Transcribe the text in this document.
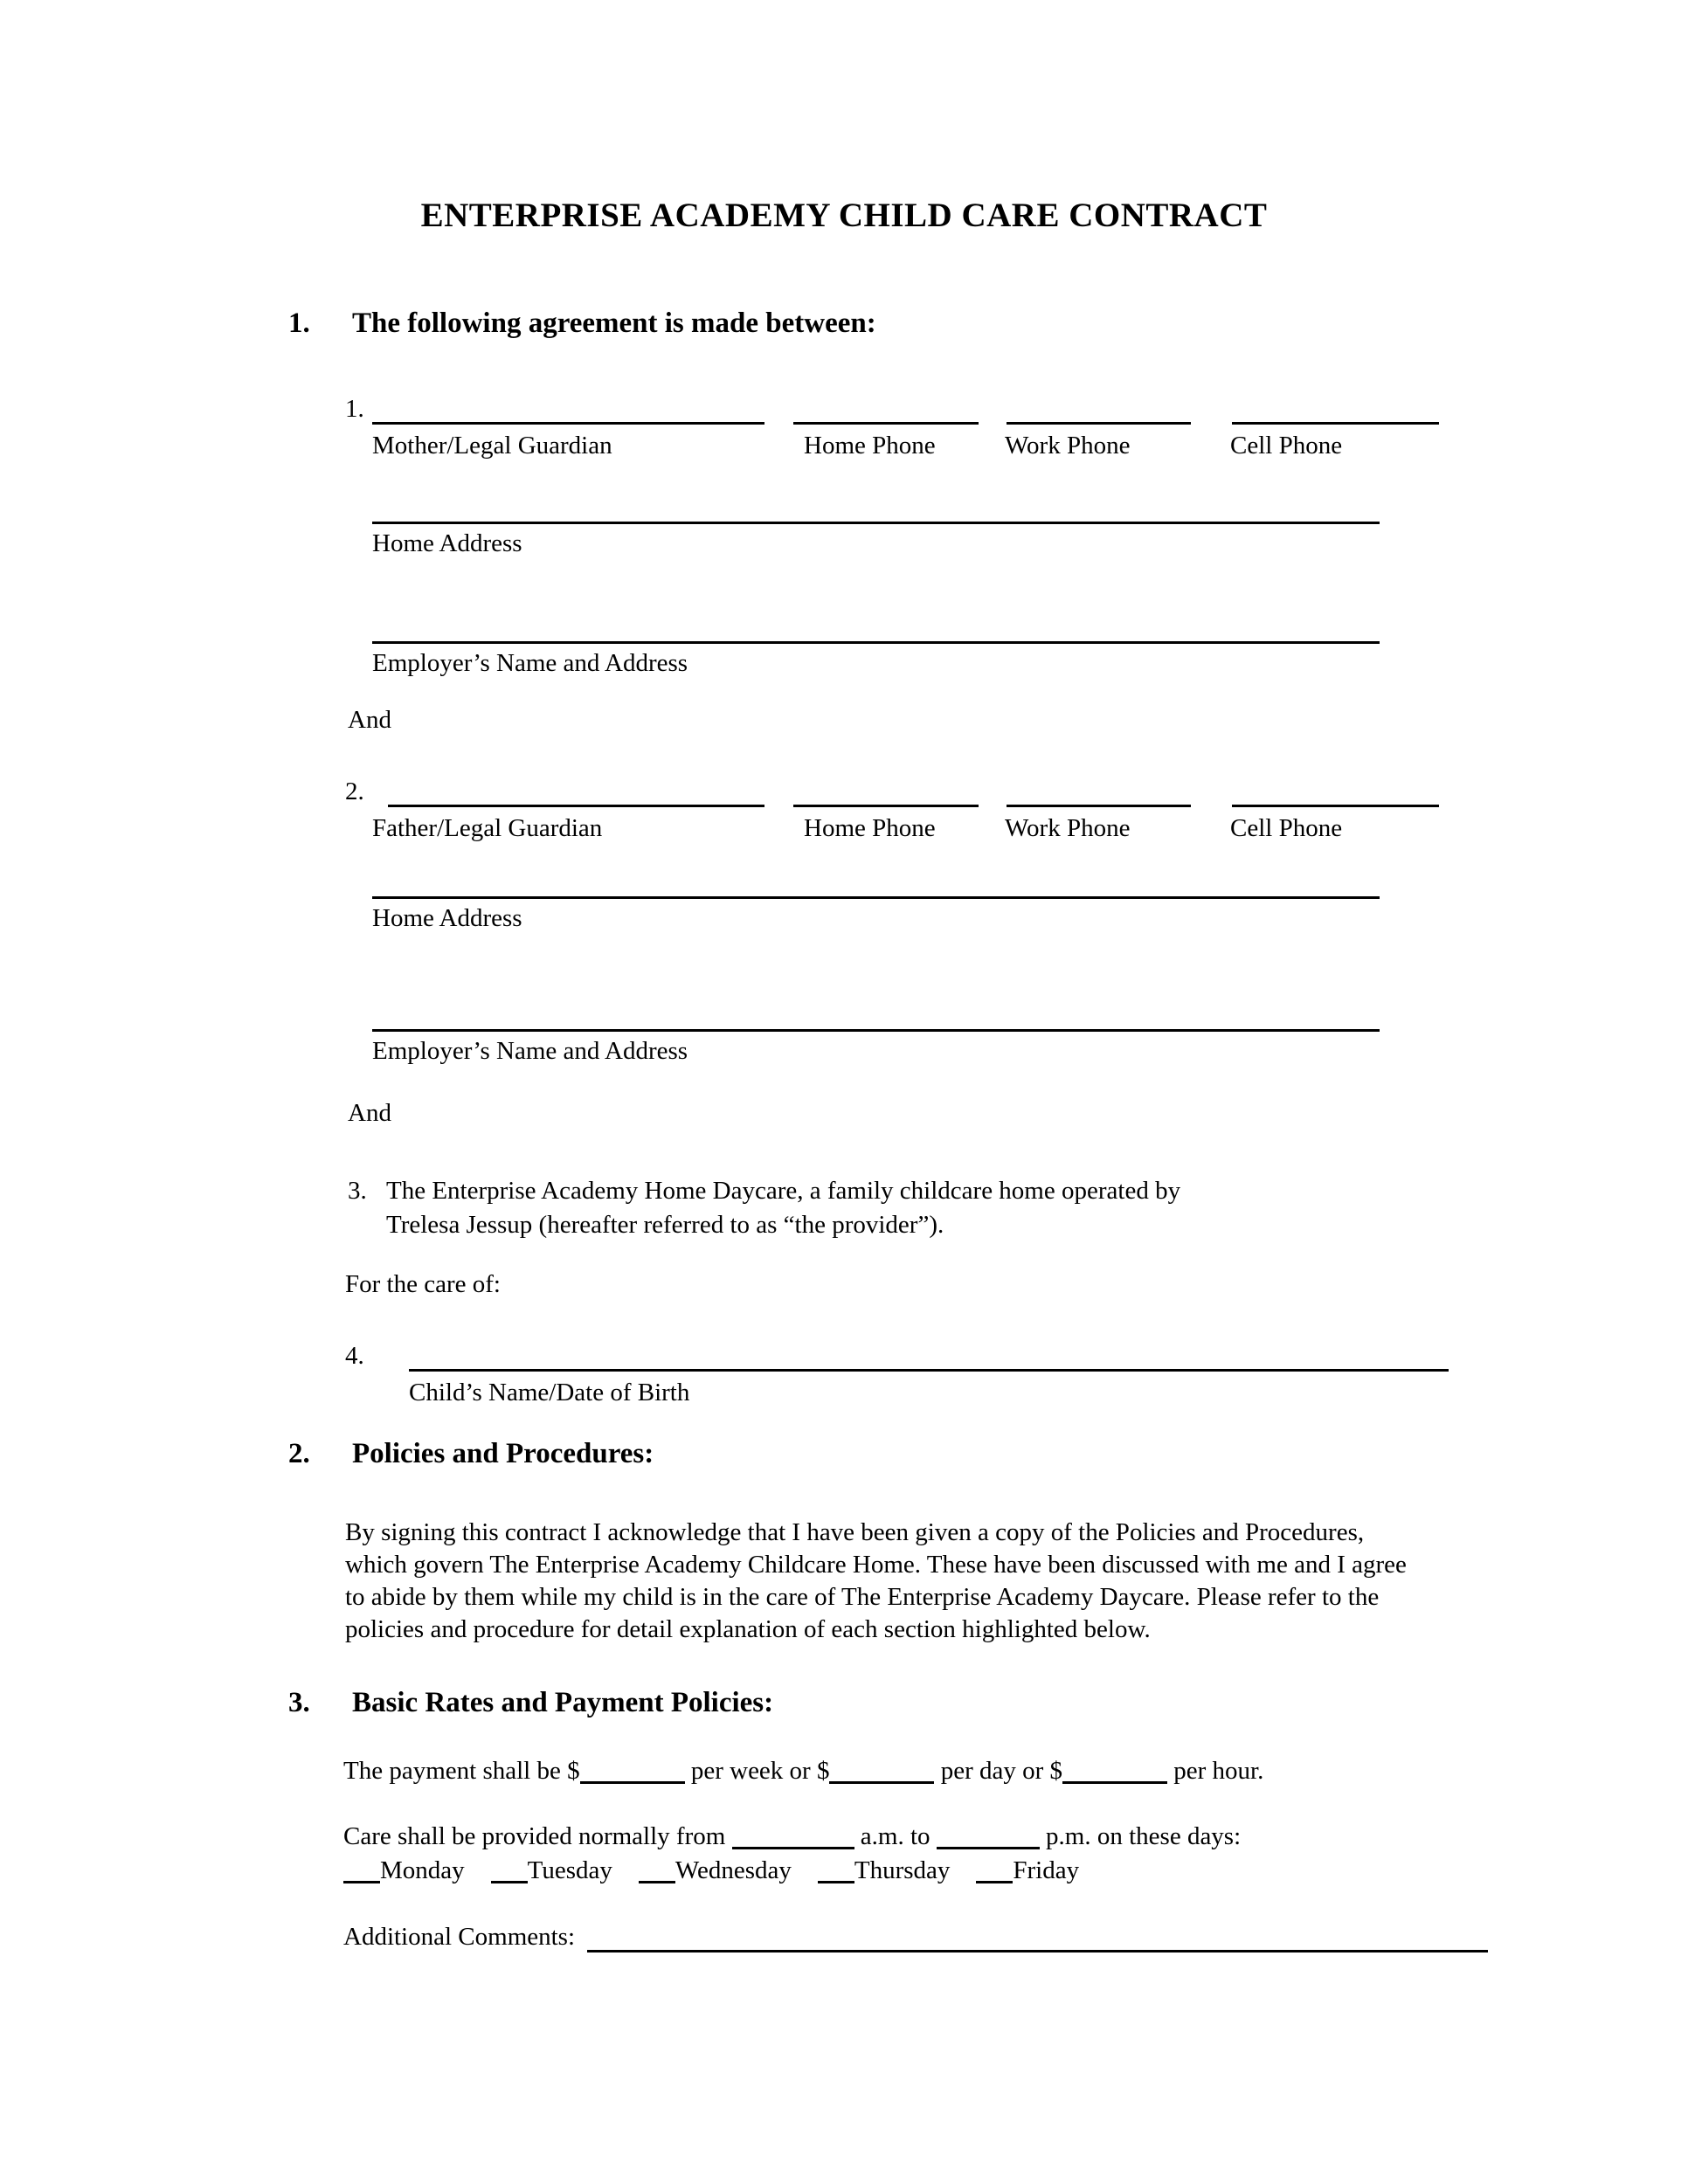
ENTERPRISE ACADEMY CHILD CARE CONTRACT
1.	The following agreement is made between:
1.
Mother/Legal Guardian	Home Phone	Work Phone	Cell Phone
Home Address
Employer’s Name and Address
And
2.
Father/Legal Guardian	Home Phone	Work Phone	Cell Phone
Home Address
Employer’s Name and Address
And
3. The Enterprise Academy Home Daycare, a family childcare home operated by
Trelesa Jessup (hereafter referred to as “the provider”).
For the care of:
4.
Child’s Name/Date of Birth
2.	Policies and Procedures:
By signing this contract I acknowledge that I have been given a copy of the Policies and Procedures, which govern The Enterprise Academy Childcare Home. These have been discussed with me and I agree to abide by them while my child is in the care of The Enterprise Academy Daycare. Please refer to the policies and procedure for detail explanation of each section highlighted below.
3.	Basic Rates and Payment Policies:
The payment shall be $	per week or $	per day or $	per hour.
Care shall be provided normally from	a.m. to	p.m. on these days:
Monday Tuesday Wednesday Thursday Friday
Additional Comments:
